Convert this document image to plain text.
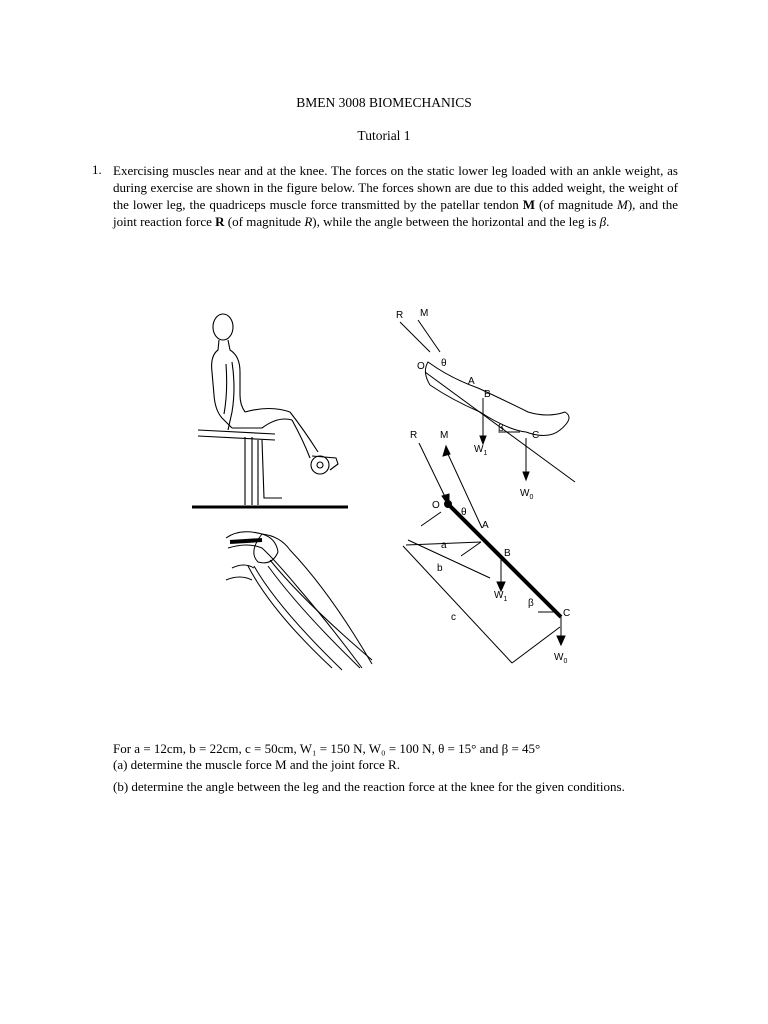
BMEN 3008 BIOMECHANICS
Tutorial 1
1. Exercising muscles near and at the knee. The forces on the static lower leg loaded with an ankle weight, as during exercise are shown in the figure below. The forces shown are due to this added weight, the weight of the lower leg, the quadriceps muscle force transmitted by the patellar tendon M (of magnitude M), and the joint reaction force R (of magnitude R), while the angle between the horizontal and the leg is β.
R M
O θ
A
B
β
C
$W_1$
$W_0$
R M
O
θ
A
B
β
C
a
b
c
$W_1$
$W_0$
For a = 12cm, b = 22cm, c = 50cm, W₁ = 150 N, W₀ = 100 N, θ = 15° and β = 45°
(a) determine the muscle force M and the joint force R.
(b) determine the angle between the leg and the reaction force at the knee for the given conditions.
